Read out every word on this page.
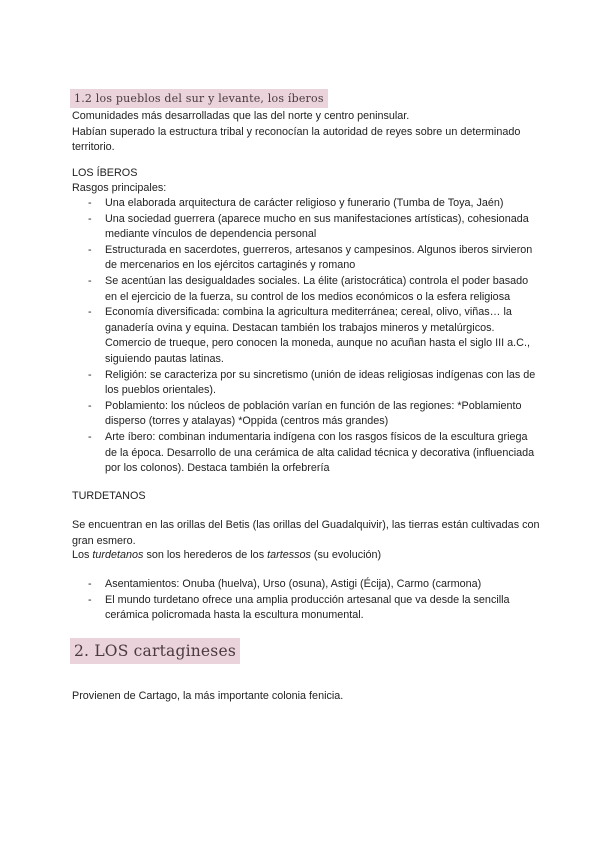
1.2 los pueblos del sur y levante, los íberos
Comunidades más desarrolladas que las del norte y centro peninsular.
Habían superado la estructura tribal y reconocían la autoridad de reyes sobre un determinado territorio.
LOS ÍBEROS
Rasgos principales:
- Una elaborada arquitectura de carácter religioso y funerario (Tumba de Toya, Jaén)
- Una sociedad guerrera (aparece mucho en sus manifestaciones artísticas), cohesionada mediante vínculos de dependencia personal
- Estructurada en sacerdotes, guerreros, artesanos y campesinos. Algunos iberos sirvieron de mercenarios en los ejércitos cartaginés y romano
- Se acentúan las desigualdades sociales. La élite (aristocrática) controla el poder basado en el ejercicio de la fuerza, su control de los medios económicos o la esfera religiosa
- Economía diversificada: combina la agricultura mediterránea; cereal, olivo, viñas… la ganadería ovina y equina. Destacan también los trabajos mineros y metalúrgicos. Comercio de trueque, pero conocen la moneda, aunque no acuñan hasta el siglo III a.C., siguiendo pautas latinas.
- Religión: se caracteriza por su sincretismo (unión de ideas religiosas indígenas con las de los pueblos orientales).
- Poblamiento: los núcleos de población varían en función de las regiones: *Poblamiento disperso (torres y atalayas) *Oppida (centros más grandes)
- Arte íbero: combinan indumentaria indígena con los rasgos físicos de la escultura griega de la época. Desarrollo de una cerámica de alta calidad técnica y decorativa (influenciada por los colonos). Destaca también la orfebrería
TURDETANOS
Se encuentran en las orillas del Betis (las orillas del Guadalquivir), las tierras están cultivadas con gran esmero.
Los turdetanos son los herederos de los tartessos (su evolución)
- Asentamientos: Onuba (huelva), Urso (osuna), Astigi (Écija), Carmo (carmona)
- El mundo turdetano ofrece una amplia producción artesanal que va desde la sencilla cerámica policromada hasta la escultura monumental.
2. LOS cartagineses
Provienen de Cartago, la más importante colonia fenicia.
